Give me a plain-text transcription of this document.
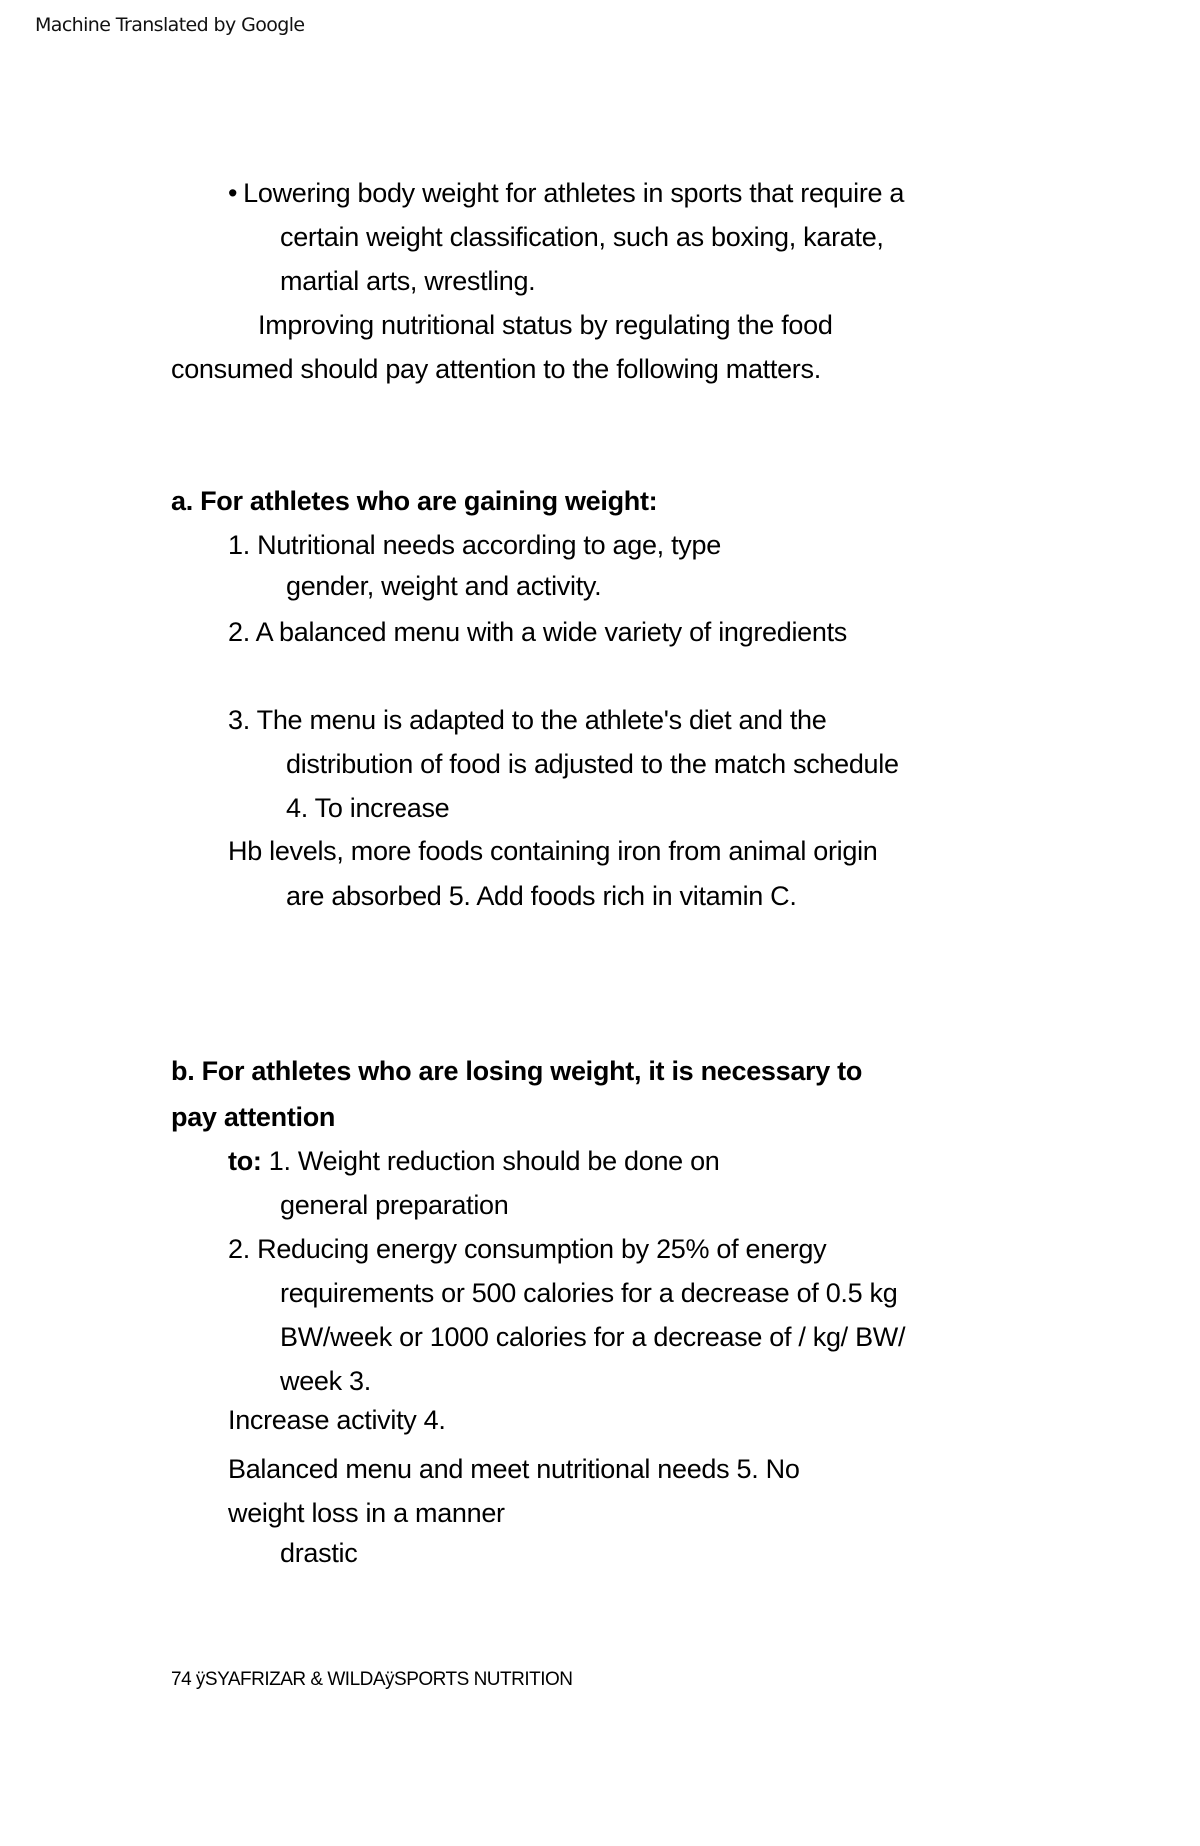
Machine Translated by Google
• Lowering body weight for athletes in sports that require a
certain weight classification, such as boxing, karate,
martial arts, wrestling.
Improving nutritional status by regulating the food
consumed should pay attention to the following matters.
a. For athletes who are gaining weight:
1. Nutritional needs according to age, type
gender, weight and activity.
2. A balanced menu with a wide variety of ingredients
3. The menu is adapted to the athlete's diet and the
distribution of food is adjusted to the match schedule
4. To increase
Hb levels, more foods containing iron from animal origin
are absorbed 5. Add foods rich in vitamin C.
b. For athletes who are losing weight, it is necessary to
pay attention
to: 1. Weight reduction should be done on
general preparation
2. Reducing energy consumption by 25% of energy
requirements or 500 calories for a decrease of 0.5 kg
BW/week or 1000 calories for a decrease of / kg/ BW/
week 3.
Increase activity 4.
Balanced menu and meet nutritional needs 5. No
weight loss in a manner
drastic
74 ÿSYAFRIZAR & WILDAÿSPORTS NUTRITION
